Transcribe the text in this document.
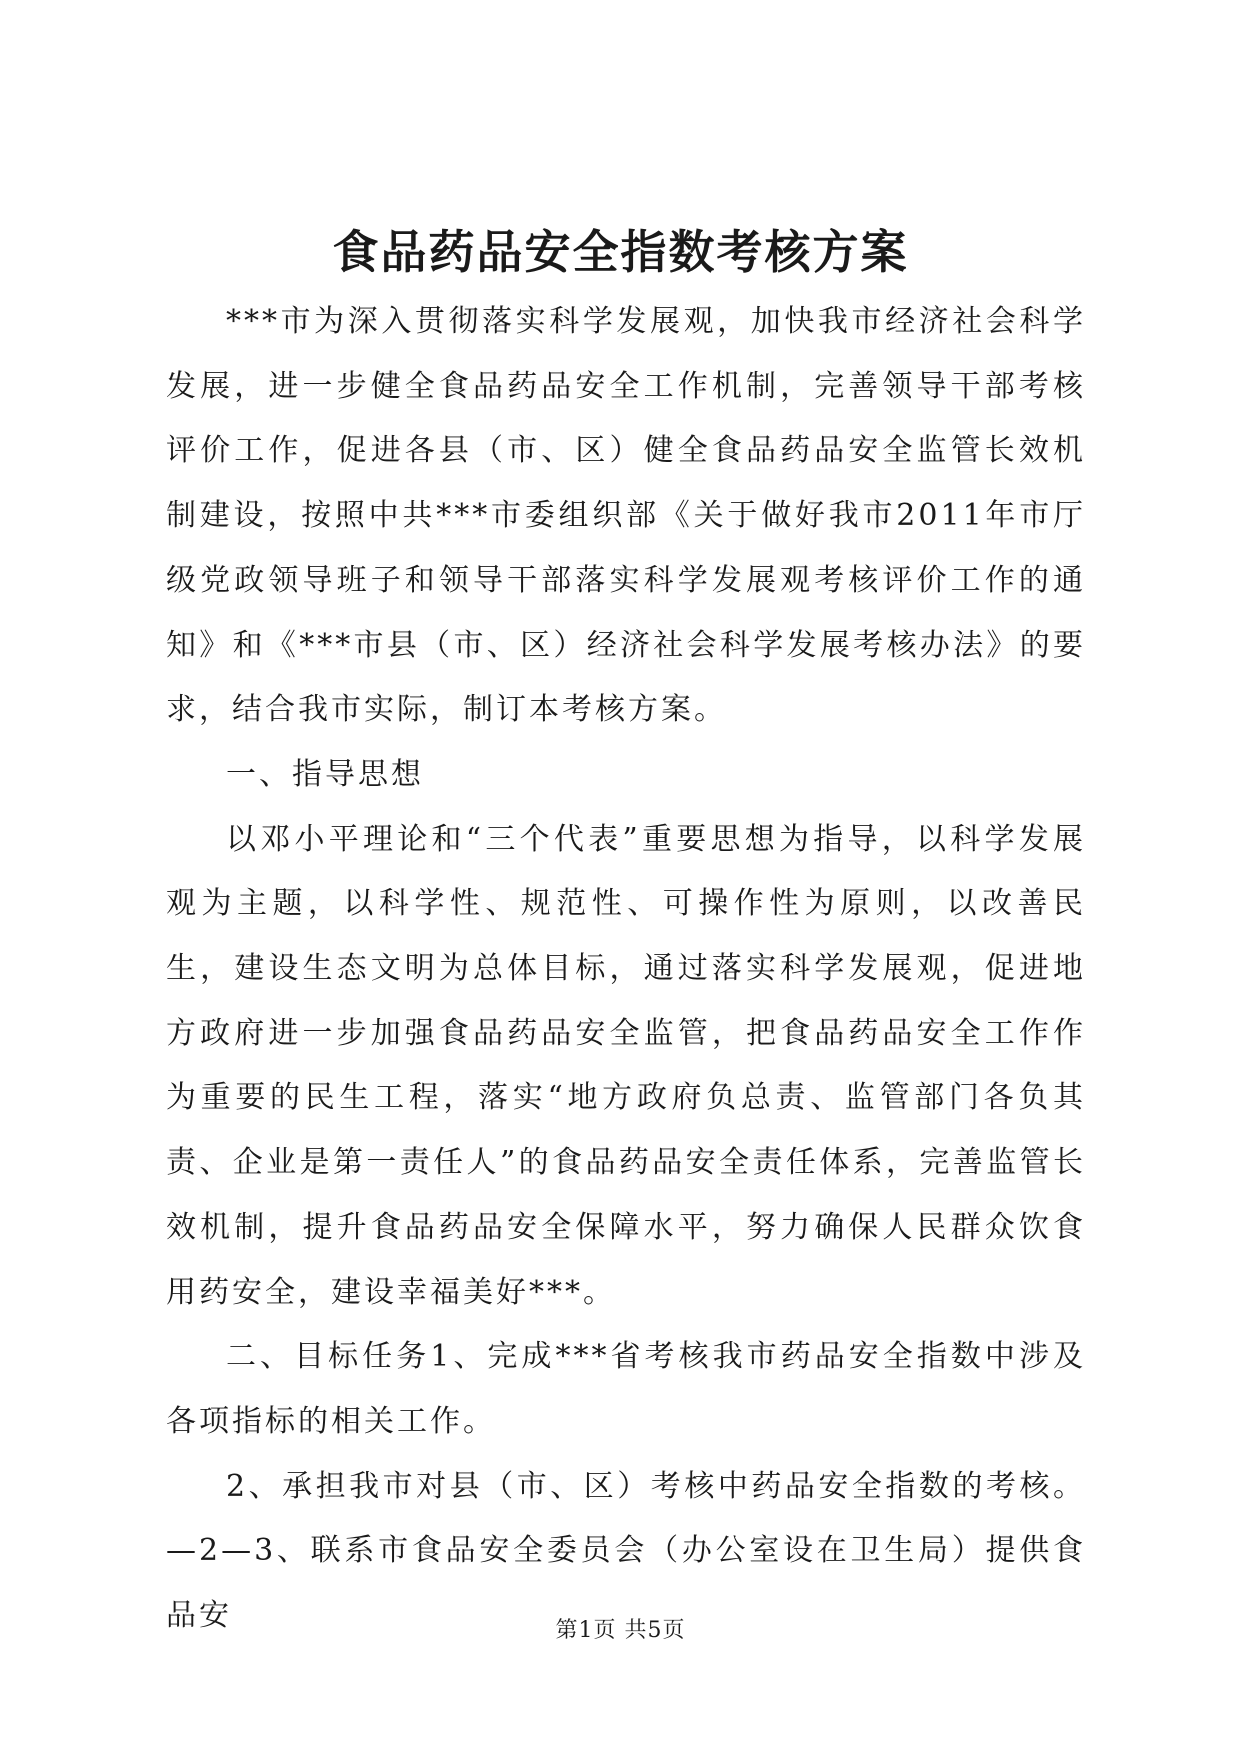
食品药品安全指数考核方案

***市为深入贯彻落实科学发展观，加快我市经济社会科学发展，进一步健全食品药品安全工作机制，完善领导干部考核评价工作，促进各县（市、区）健全食品药品安全监管长效机制建设，按照中共***市委组织部《关于做好我市2011年市厅级党政领导班子和领导干部落实科学发展观考核评价工作的通知》和《***市县（市、区）经济社会科学发展考核办法》的要求，结合我市实际，制订本考核方案。

一、指导思想

以邓小平理论和“三个代表”重要思想为指导，以科学发展观为主题，以科学性、规范性、可操作性为原则，以改善民生，建设生态文明为总体目标，通过落实科学发展观，促进地方政府进一步加强食品药品安全监管，把食品药品安全工作作为重要的民生工程，落实“地方政府负总责、监管部门各负其责、企业是第一责任人”的食品药品安全责任体系，完善监管长效机制，提升食品药品安全保障水平，努力确保人民群众饮食用药安全，建设幸福美好***。

二、目标任务1、完成***省考核我市药品安全指数中涉及各项指标的相关工作。

2、承担我市对县（市、区）考核中药品安全指数的考核。—2—3、联系市食品安全委员会（办公室设在卫生局）提供食品安	第1页 共5页
